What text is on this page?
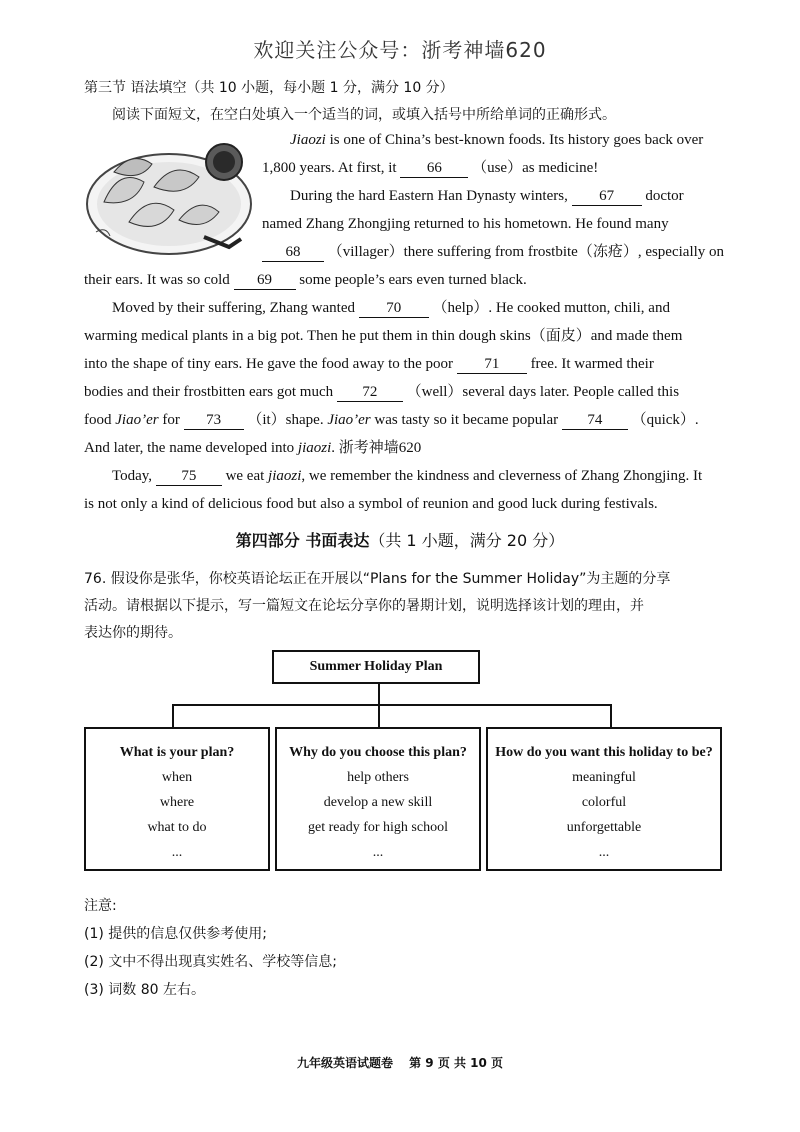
欢迎关注公众号：浙考神墙620
第三节 语法填空（共 10 小题，每小题 1 分，满分 10 分）
阅读下面短文，在空白处填入一个适当的词，或填入括号中所给单词的正确形式。
Jiaozi is one of China’s best-known foods. Its history goes back over
1,800 years. At first, it 66 （use）as medicine!
During the hard Eastern Han Dynasty winters, 67 doctor
named Zhang Zhongjing returned to his hometown. He found many
68 （villager）there suffering from frostbite（冻疮）, especially on
their ears. It was so cold 69 some people’s ears even turned black.
Moved by their suffering, Zhang wanted 70 （help）. He cooked mutton, chili, and
warming medical plants in a big pot. Then he put them in thin dough skins（面皮）and made them
into the shape of tiny ears. He gave the food away to the poor 71 free. It warmed their
bodies and their frostbitten ears got much 72 （well）several days later. People called this
food Jiao’er for 73 （it）shape. Jiao’er was tasty so it became popular 74 （quick）.
And later, the name developed into jiaozi. 浙考神墙620
Today, 75 we eat jiaozi, we remember the kindness and cleverness of Zhang Zhongjing. It
is not only a kind of delicious food but also a symbol of reunion and good luck during festivals.
第四部分 书面表达（共 1 小题，满分 20 分）
76. 假设你是张华，你校英语论坛正在开展以“Plans for the Summer Holiday”为主题的分享
活动。请根据以下提示，写一篇短文在论坛分享你的暑期计划，说明选择该计划的理由，并
表达你的期待。
Summer Holiday Plan
What is your plan?
when
where
what to do
...
Why do you choose this plan?
help others
develop a new skill
get ready for high school
...
How do you want this holiday to be?
meaningful
colorful
unforgettable
...
注意:
(1) 提供的信息仅供参考使用;
(2) 文中不得出现真实姓名、学校等信息;
(3) 词数 80 左右。
九年级英语试题卷　 第 9 页 共 10 页
